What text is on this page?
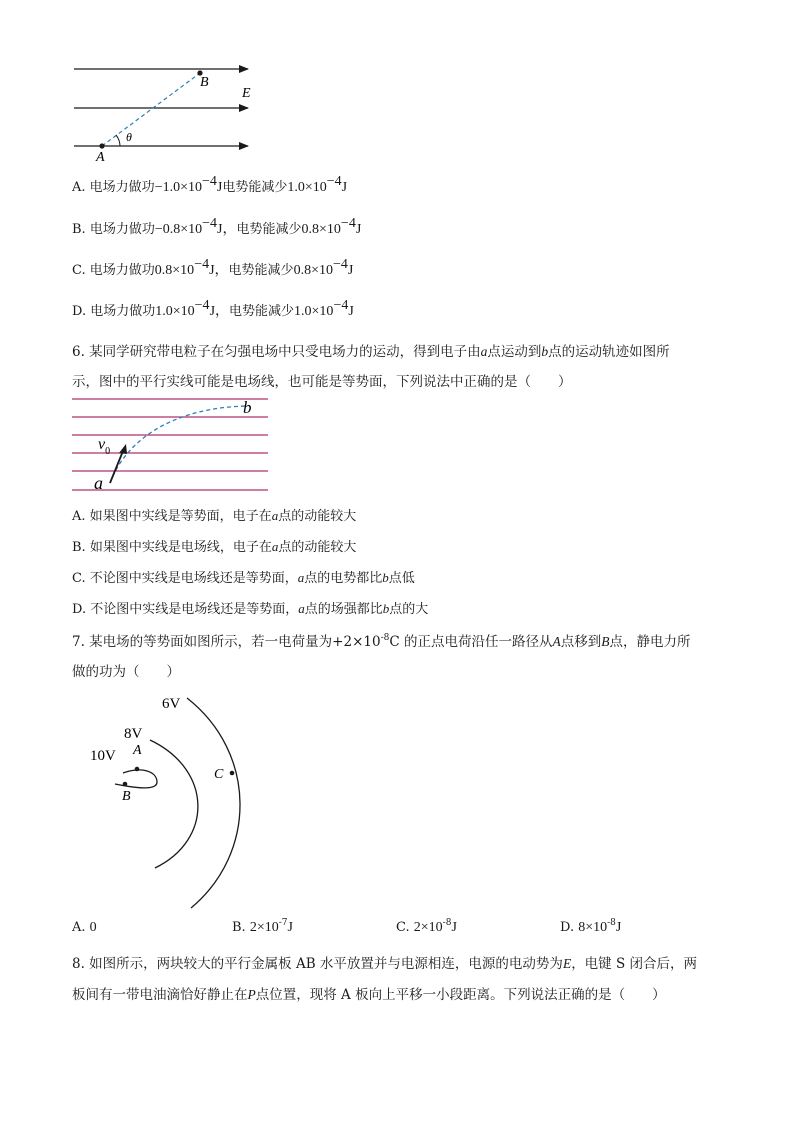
B
E
A
θ
A. 电场力做功$-1.0\times 10^{-4}J$电势能减少$1.0\times 10^{-4}J$
B. 电场力做功$-0.8\times 10^{-4}J$，电势能减少$0.8\times 10^{-4}J$
C. 电场力做功$0.8\times 10^{-4}J$，电势能减少$0.8\times 10^{-4}J$
D. 电场力做功$1.0\times 10^{-4}J$，电势能减少$1.0\times 10^{-4}J$
6. 某同学研究带电粒子在匀强电场中只受电场力的运动，得到电子由a点运动到b点的运动轨迹如图所
示，图中的平行实线可能是电场线，也可能是等势面，下列说法中正确的是（　　）
b
$v_0$
a
A. 如果图中实线是等势面，电子在a点的动能较大
B. 如果图中实线是电场线，电子在a点的动能较大
C. 不论图中实线是电场线还是等势面，a点的电势都比b点低
D. 不论图中实线是电场线还是等势面，a点的场强都比b点的大
7. 某电场的等势面如图所示，若一电荷量为$+2\times 10^{-8}C$ 的正点电荷沿任一路径从A点移到B点，静电力所
做的功为（　　）
6V
8V
10V A
B
C
A. 0	B. $2\times 10^{-7}J$	C. $2\times 10^{-8}J$	D. $8\times 10^{-8}J$
8. 如图所示，两块较大的平行金属板 AB 水平放置并与电源相连，电源的电动势为E，电键 S 闭合后，两
板间有一带电油滴恰好静止在P点位置，现将 A 板向上平移一小段距离。下列说法正确的是（　　）
